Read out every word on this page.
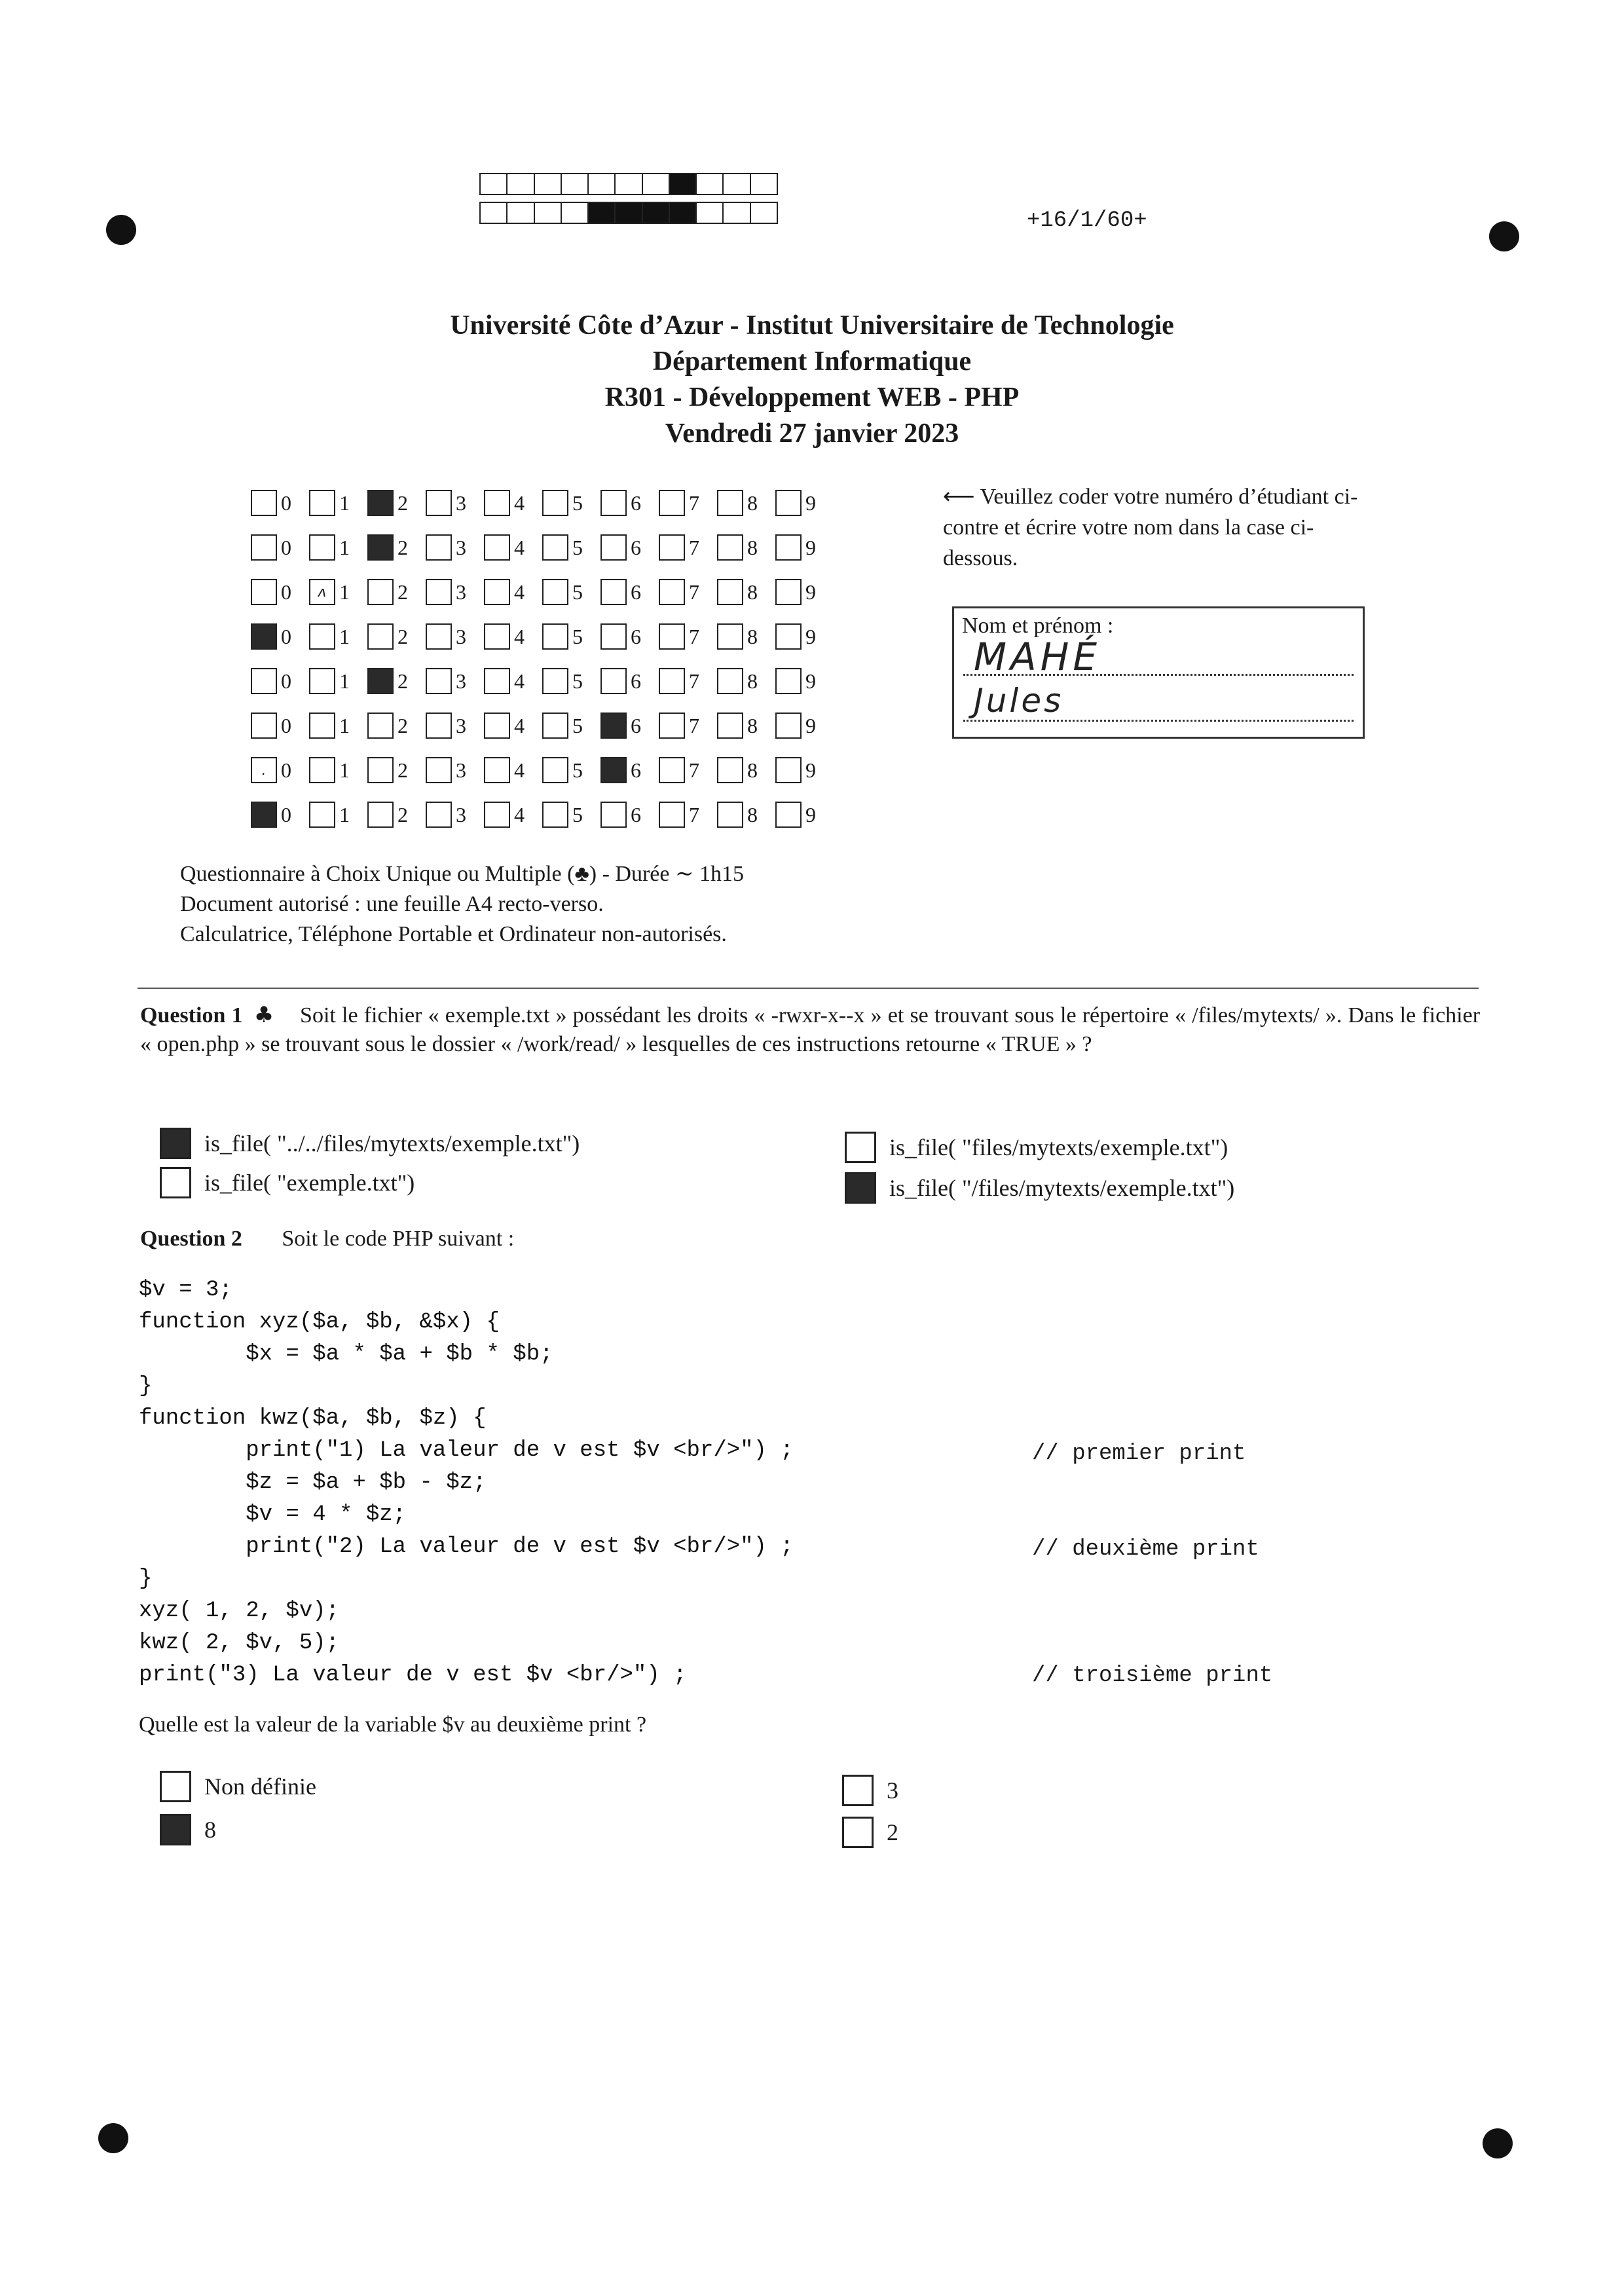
+16/1/60+
Université Côte d’Azur - Institut Universitaire de Technologie
Département Informatique
R301 - Développement WEB - PHP
Vendredi 27 janvier 2023
0 1 2 3 4 5 6 7 8 9
0 1 2 3 4 5 6 7 8 9
0	ᴧ 1 2 3 4 5 6 7 8 9
0 1 2 3 4 5 6 7 8 9
0 1 2 3 4 5 6 7 8 9
0 1 2 3 4 5 6 7 8 9
. 0 1 2 3 4 5 6 7 8 9
0 1 2 3 4 5 6 7 8 9
⟵ Veuillez coder votre numéro d’étudiant ci-contre et écrire votre nom dans la case ci-dessous.
Nom et prénom :
MAHÉ
Jules
Questionnaire à Choix Unique ou Multiple (♣) - Durée ∼ 1h15
Document autorisé : une feuille A4 recto-verso.
Calculatrice, Téléphone Portable et Ordinateur non-autorisés.
Question 1 ♣ Soit le fichier « exemple.txt » possédant les droits « -rwxr-x--x » et se trouvant sous le répertoire « /files/mytexts/ ». Dans le fichier « open.php » se trouvant sous le dossier « /work/read/ » lesquelles de ces instructions retourne « TRUE » ?
is_file( "../../files/mytexts/exemple.txt")
is_file( "exemple.txt")
is_file( "files/mytexts/exemple.txt")
is_file( "/files/mytexts/exemple.txt")
Question 2 Soit le code PHP suivant :
$v = 3;
function xyz($a, $b, &$x) {
$x = $a * $a + $b * $b;
}
function kwz($a, $b, $z) {
print("1) La valeur de v est $v <br/>") ;
$z = $a + $b - $z;
$v = 4 * $z;
print("2) La valeur de v est $v <br/>") ;
}
xyz( 1, 2, $v);
kwz( 2, $v, 5);
print("3) La valeur de v est $v <br/>") ;
// premier print
// deuxième print
// troisième print
Quelle est la valeur de la variable $v au deuxième print ?
Non définie
8
3
2
